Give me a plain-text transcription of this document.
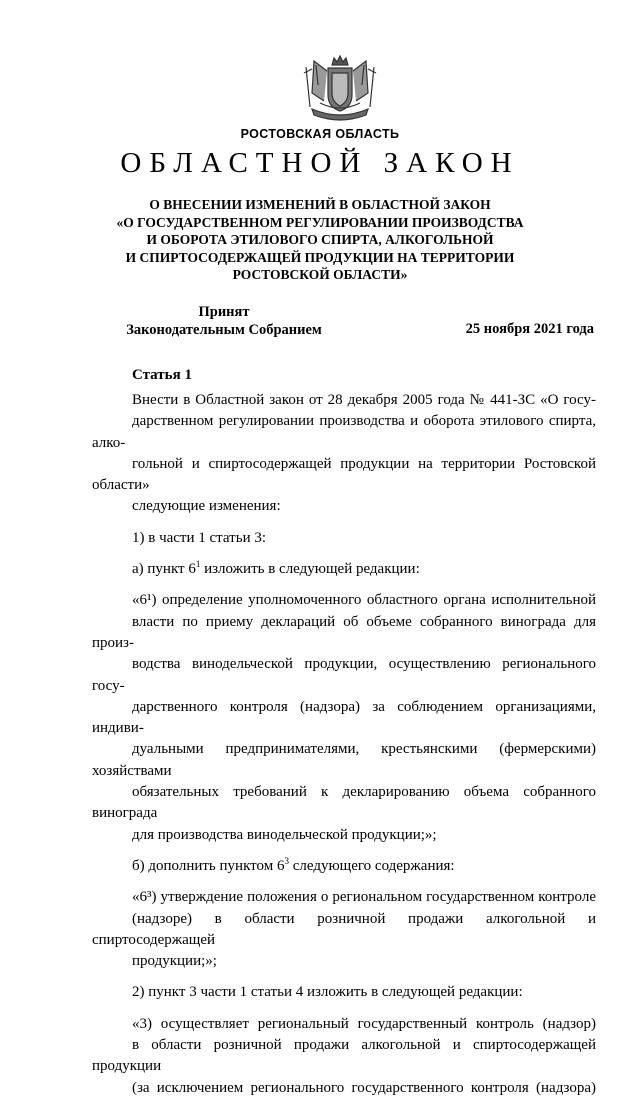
РОСТОВСКАЯ ОБЛАСТЬ
ОБЛАСТНОЙ ЗАКОН
О ВНЕСЕНИИ ИЗМЕНЕНИЙ В ОБЛАСТНОЙ ЗАКОН
«О ГОСУДАРСТВЕННОМ РЕГУЛИРОВАНИИ ПРОИЗВОДСТВА
И ОБОРОТА ЭТИЛОВОГО СПИРТА, АЛКОГОЛЬНОЙ
И СПИРТОСОДЕРЖАЩЕЙ ПРОДУКЦИИ НА ТЕРРИТОРИИ
РОСТОВСКОЙ ОБЛАСТИ»
Принят
Законодательным Собранием	25 ноября 2021 года
Статья 1
Внести в Областной закон от 28 декабря 2005 года № 441-ЗС «О госу-
дарственном регулировании производства и оборота этилового спирта, алко-
гольной и спиртосодержащей продукции на территории Ростовской области»
следующие изменения:

1) в части 1 статьи 3:

а) пункт $6^1$ изложить в следующей редакции:

«6¹) определение уполномоченного областного органа исполнительной
власти по приему деклараций об объеме собранного винограда для произ-
водства винодельческой продукции, осуществлению регионального госу-
дарственного контроля (надзора) за соблюдением организациями, индиви-
дуальными предпринимателями, крестьянскими (фермерскими) хозяйствами
обязательных требований к декларированию объема собранного винограда
для производства винодельческой продукции;»;

б) дополнить пунктом $6^3$ следующего содержания:

«6³) утверждение положения о региональном государственном контроле
(надзоре) в области розничной продажи алкогольной и спиртосодержащей
продукции;»;

2) пункт 3 части 1 статьи 4 изложить в следующей редакции:

«3) осуществляет региональный государственный контроль (надзор)
в области розничной продажи алкогольной и спиртосодержащей продукции
(за исключением регионального государственного контроля (надзора)
